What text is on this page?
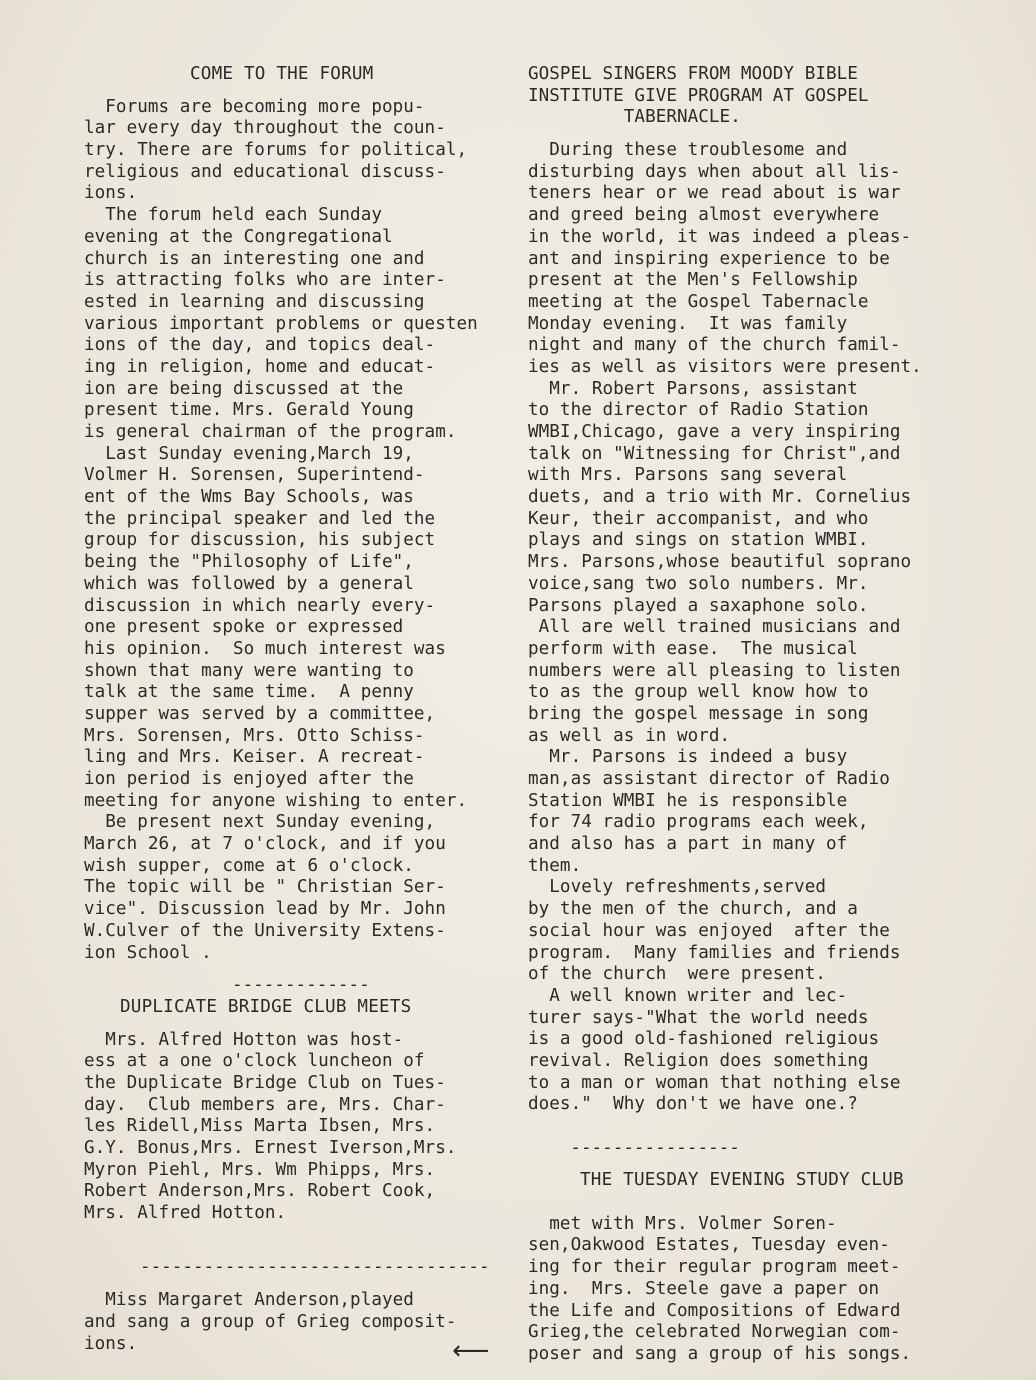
COME TO THE FORUM
Forums are becoming more popu-
lar every day throughout the coun-
try. There are forums for political,
religious and educational discuss-
ions.
The forum held each Sunday
evening at the Congregational
church is an interesting one and
is attracting folks who are inter-
ested in learning and discussing
various important problems or questen
ions of the day, and topics deal-
ing in religion, home and educat-
ion are being discussed at the
present time. Mrs. Gerald Young
is general chairman of the program.
Last Sunday evening,March 19,
Volmer H. Sorensen, Superintend-
ent of the Wms Bay Schools, was
the principal speaker and led the
group for discussion, his subject
being the "Philosophy of Life",
which was followed by a general
discussion in which nearly every-
one present spoke or expressed
his opinion.  So much interest was
shown that many were wanting to
talk at the same time.  A penny
supper was served by a committee,
Mrs. Sorensen, Mrs. Otto Schiss-
ling and Mrs. Keiser. A recreat-
ion period is enjoyed after the
meeting for anyone wishing to enter.
Be present next Sunday evening,
March 26, at 7 o'clock, and if you
wish supper, come at 6 o'clock.
The topic will be " Christian Ser-
vice". Discussion lead by Mr. John
W.Culver of the University Extens-
ion School .
-------------
DUPLICATE BRIDGE CLUB MEETS
Mrs. Alfred Hotton was host-
ess at a one o'clock luncheon of
the Duplicate Bridge Club on Tues-
day.  Club members are, Mrs. Char-
les Ridell,Miss Marta Ibsen, Mrs.
G.Y. Bonus,Mrs. Ernest Iverson,Mrs.
Myron Piehl, Mrs. Wm Phipps, Mrs.
Robert Anderson,Mrs. Robert Cook,
Mrs. Alfred Hotton.
---------------------------------
Miss Margaret Anderson,played
and sang a group of Grieg composit-
ions.
GOSPEL SINGERS FROM MOODY BIBLE
INSTITUTE GIVE PROGRAM AT GOSPEL
TABERNACLE.
During these troublesome and
disturbing days when about all lis-
teners hear or we read about is war
and greed being almost everywhere
in the world, it was indeed a pleas-
ant and inspiring experience to be
present at the Men's Fellowship
meeting at the Gospel Tabernacle
Monday evening.  It was family
night and many of the church famil-
ies as well as visitors were present.
Mr. Robert Parsons, assistant
to the director of Radio Station
WMBI,Chicago, gave a very inspiring
talk on "Witnessing for Christ",and
with Mrs. Parsons sang several
duets, and a trio with Mr. Cornelius
Keur, their accompanist, and who
plays and sings on station WMBI.
Mrs. Parsons,whose beautiful soprano
voice,sang two solo numbers. Mr.
Parsons played a saxaphone solo.
All are well trained musicians and
perform with ease.  The musical
numbers were all pleasing to listen
to as the group well know how to
bring the gospel message in song
as well as in word.
Mr. Parsons is indeed a busy
man,as assistant director of Radio
Station WMBI he is responsible
for 74 radio programs each week,
and also has a part in many of
them.
Lovely refreshments,served
by the men of the church, and a
social hour was enjoyed  after the
program.  Many families and friends
of the church  were present.
A well known writer and lec-
turer says-"What the world needs
is a good old-fashioned religious
revival. Religion does something
to a man or woman that nothing else
does."  Why don't we have one.?
----------------
THE TUESDAY EVENING STUDY CLUB
met with Mrs. Volmer Soren-
sen,Oakwood Estates, Tuesday even-
ing for their regular program meet-
ing.  Mrs. Steele gave a paper on
the Life and Compositions of Edward
Grieg,the celebrated Norwegian com-
poser and sang a group of his songs.
⟵
